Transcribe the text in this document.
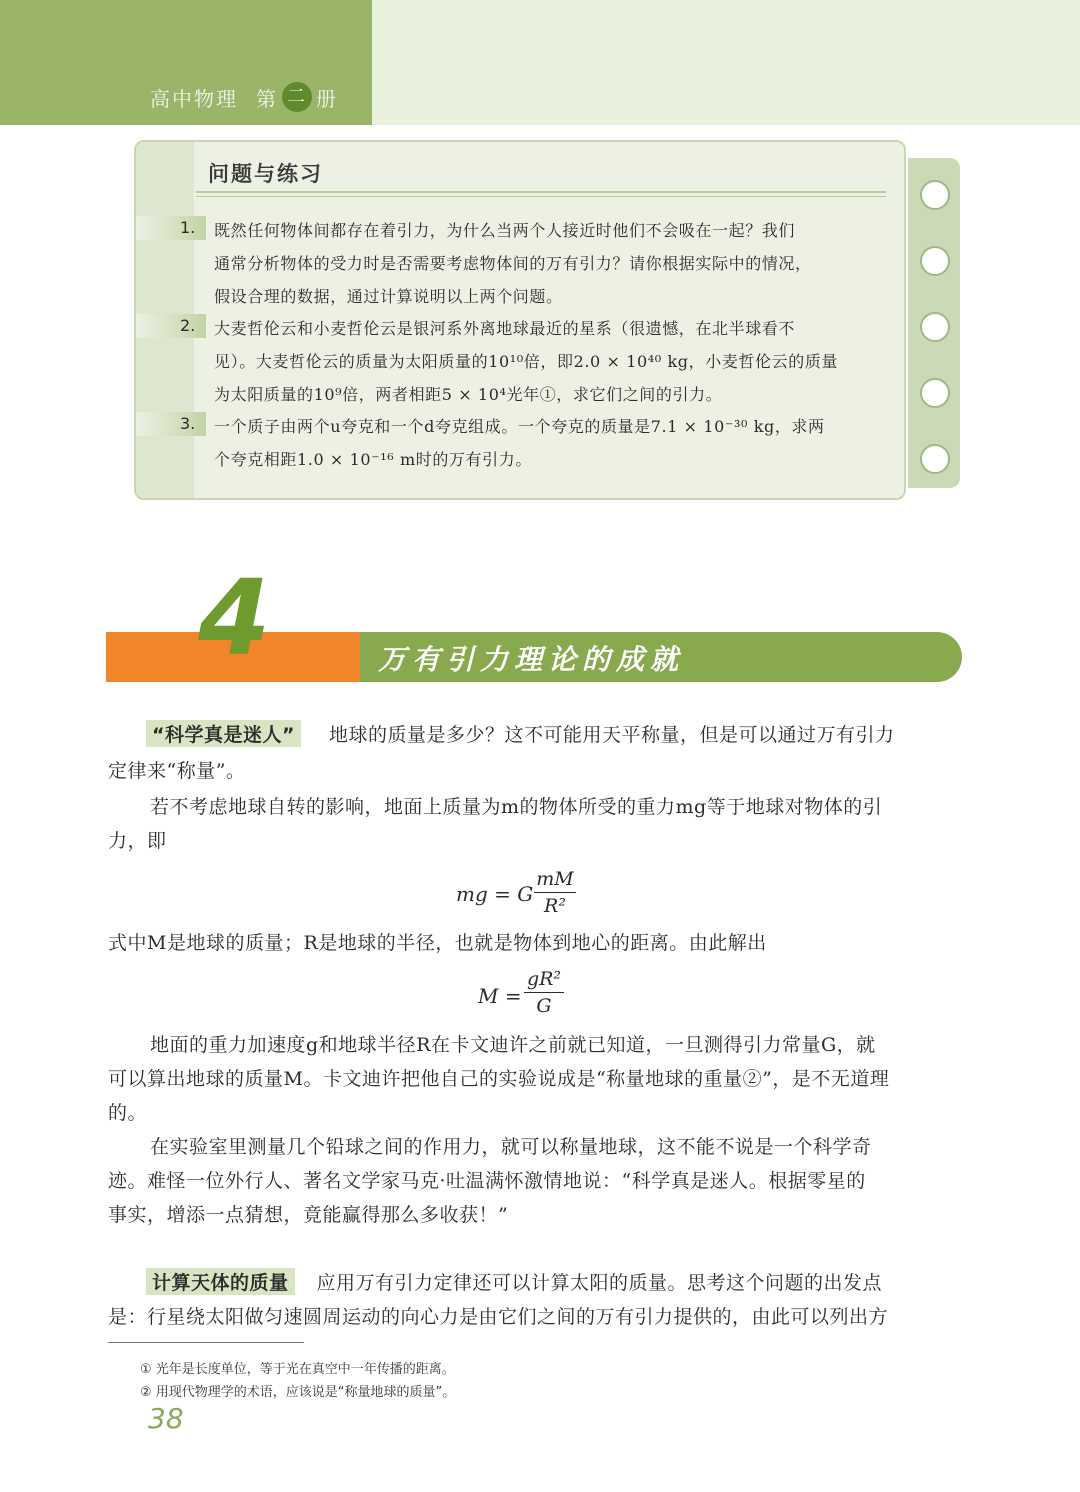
高中物理 第 二 册
问题与练习
1. 既然任何物体间都存在着引力，为什么当两个人接近时他们不会吸在一起？我们
通常分析物体的受力时是否需要考虑物体间的万有引力？请你根据实际中的情况，
假设合理的数据，通过计算说明以上两个问题。
2. 大麦哲伦云和小麦哲伦云是银河系外离地球最近的星系（很遗憾，在北半球看不
见）。大麦哲伦云的质量为太阳质量的10¹⁰倍，即2.0 × 10⁴⁰ kg，小麦哲伦云的质量
为太阳质量的10⁹倍，两者相距5 × 10⁴光年①，求它们之间的引力。
3. 一个质子由两个u夸克和一个d夸克组成。一个夸克的质量是7.1 × 10⁻³⁰ kg，求两
个夸克相距1.0 × 10⁻¹⁶ m时的万有引力。
4	万有引力理论的成就
“科学真是迷人” 地球的质量是多少？这不可能用天平称量，但是可以通过万有引力
定律来“称量”。
若不考虑地球自转的影响，地面上质量为m的物体所受的重力mg等于地球对物体的引
力，即
mg = G
mM
R²
式中M是地球的质量；R是地球的半径，也就是物体到地心的距离。由此解出
M =
gR²
G
地面的重力加速度g和地球半径R在卡文迪许之前就已知道，一旦测得引力常量G，就
可以算出地球的质量M。卡文迪许把他自己的实验说成是“称量地球的重量②”，是不无道理
的。
在实验室里测量几个铅球之间的作用力，就可以称量地球，这不能不说是一个科学奇
迹。难怪一位外行人、著名文学家马克·吐温满怀激情地说：“科学真是迷人。根据零星的
事实，增添一点猜想，竟能赢得那么多收获！”
计算天体的质量 应用万有引力定律还可以计算太阳的质量。思考这个问题的出发点
是：行星绕太阳做匀速圆周运动的向心力是由它们之间的万有引力提供的，由此可以列出方
① 光年是长度单位，等于光在真空中一年传播的距离。
② 用现代物理学的术语，应该说是“称量地球的质量”。
38
